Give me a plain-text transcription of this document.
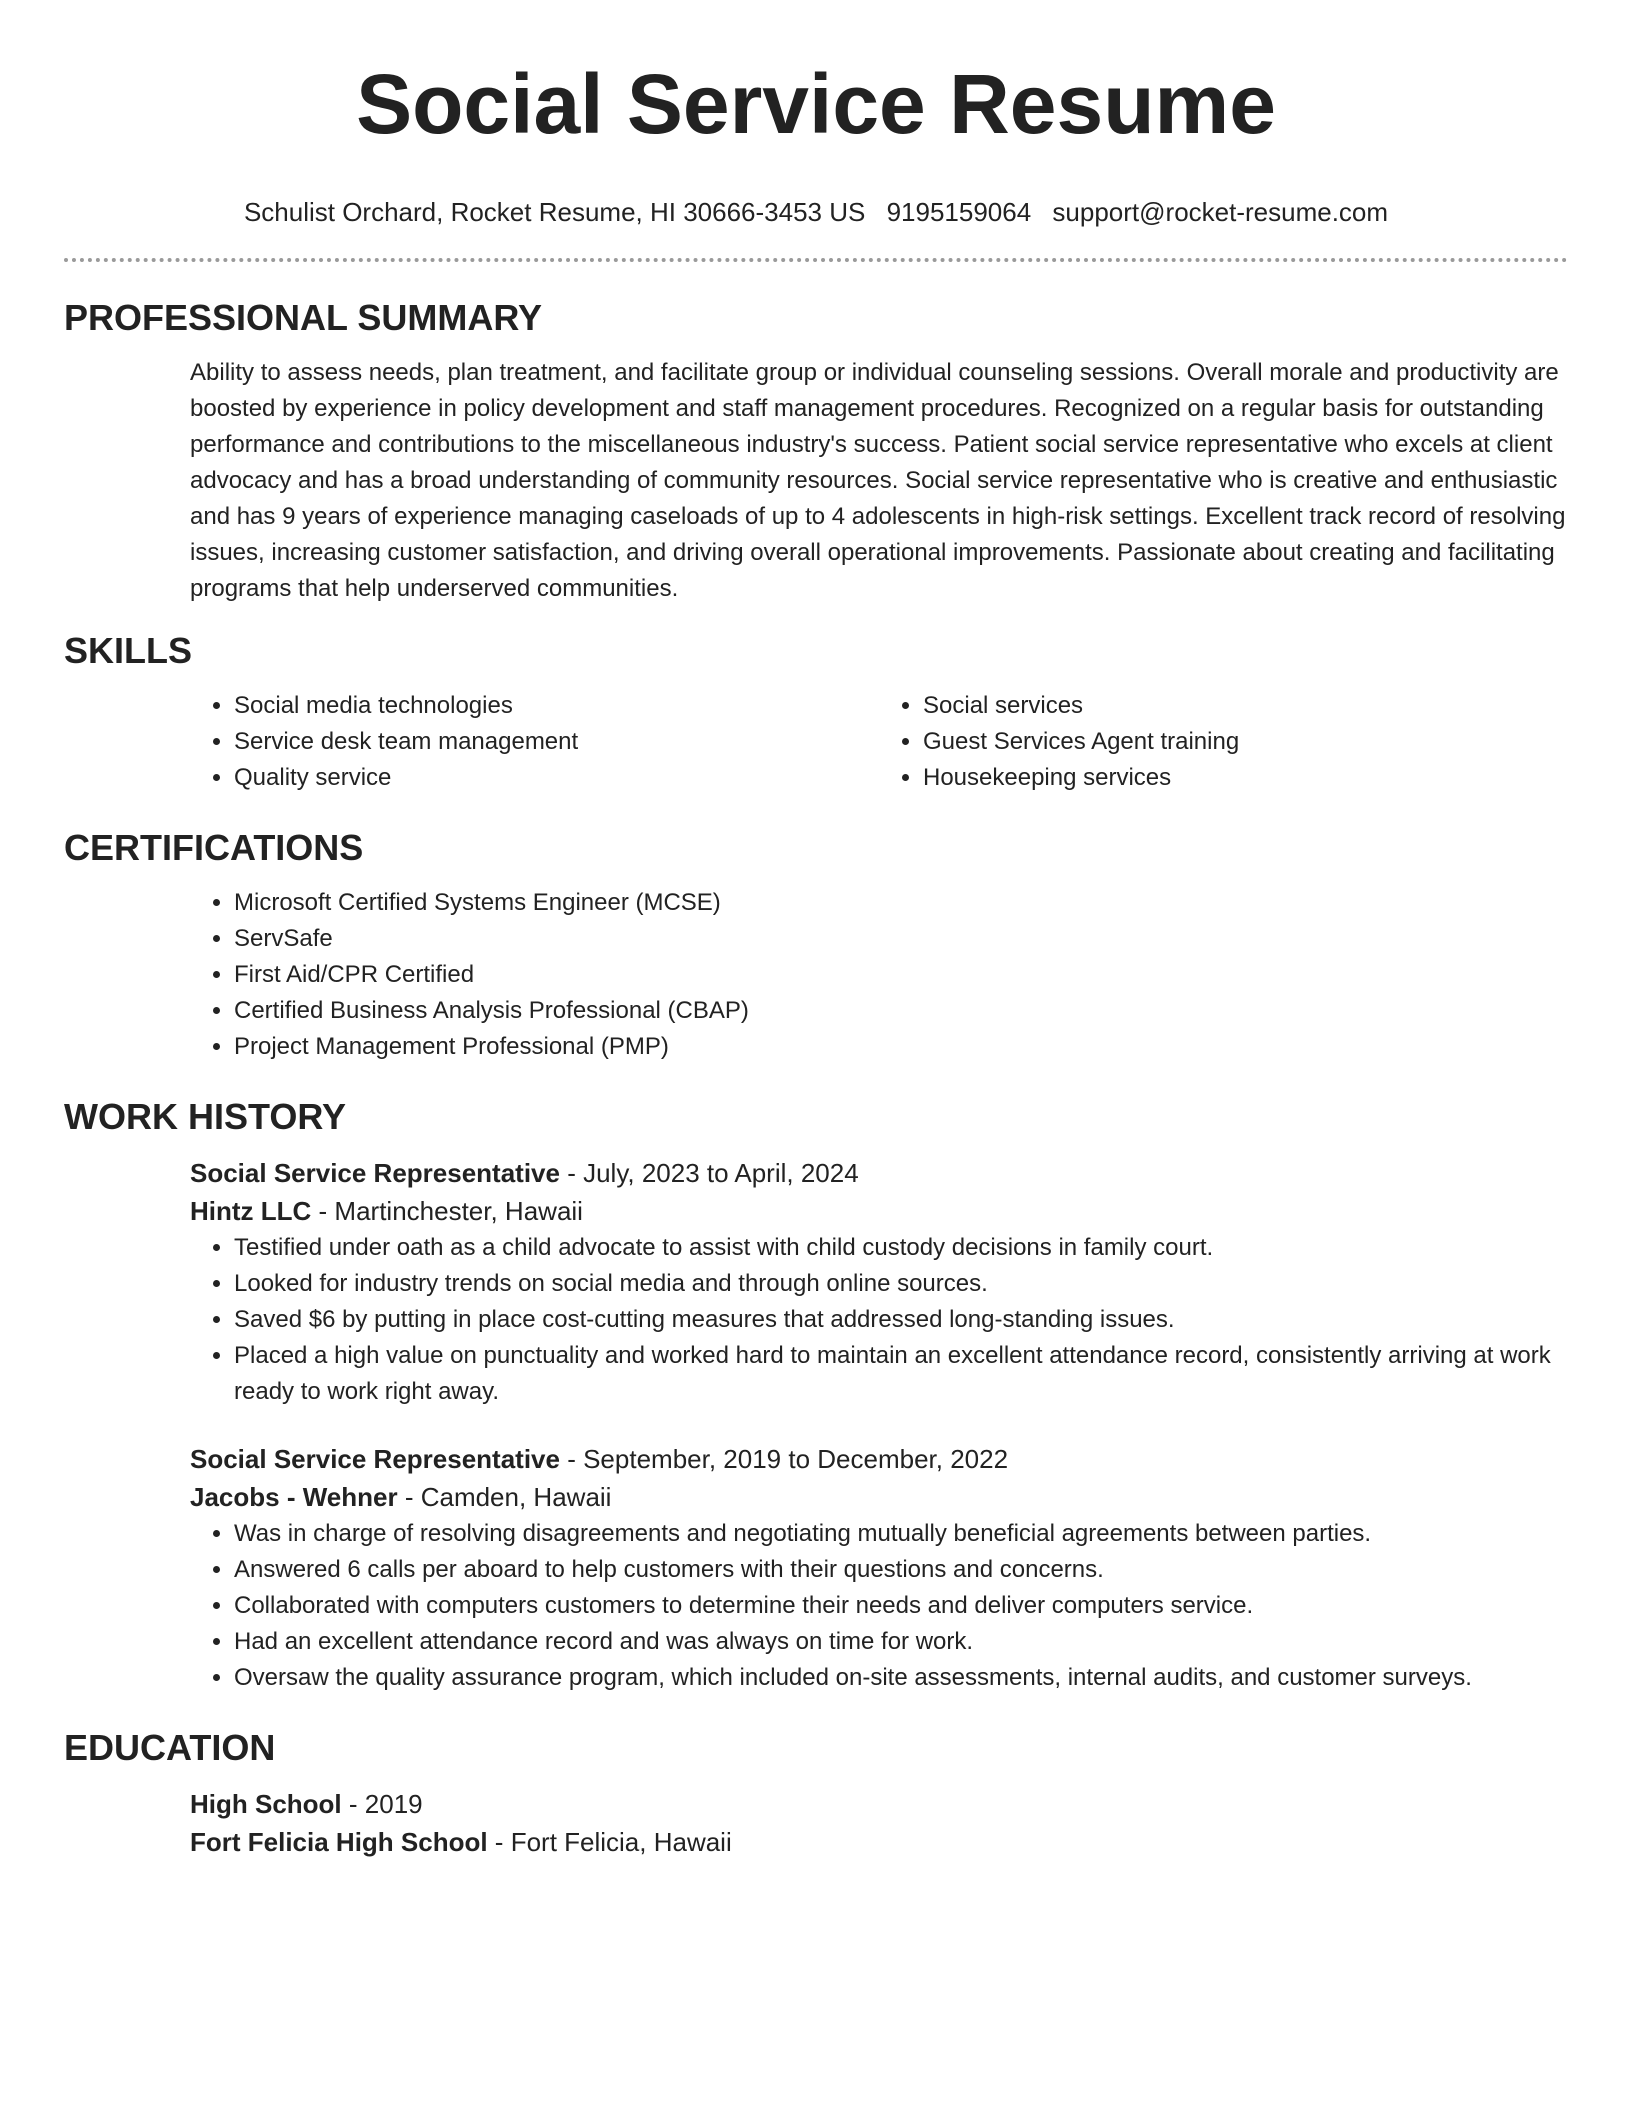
Social Service Resume
Schulist Orchard, Rocket Resume, HI 30666-3453 US 9195159064 support@rocket-resume.com
PROFESSIONAL SUMMARY

Ability to assess needs, plan treatment, and facilitate group or individual counseling sessions. Overall morale and productivity are boosted by experience in policy development and staff management procedures. Recognized on a regular basis for outstanding performance and contributions to the miscellaneous industry's success. Patient social service representative who excels at client advocacy and has a broad understanding of community resources. Social service representative who is creative and enthusiastic and has 9 years of experience managing caseloads of up to 4 adolescents in high-risk settings. Excellent track record of resolving issues, increasing customer satisfaction, and driving overall operational improvements. Passionate about creating and facilitating programs that help underserved communities.

SKILLS
• Social media technologies
• Service desk team management
• Quality service
• Social services
• Guest Services Agent training
• Housekeeping services
CERTIFICATIONS
• Microsoft Certified Systems Engineer (MCSE)
• ServSafe
• First Aid/CPR Certified
• Certified Business Analysis Professional (CBAP)
• Project Management Professional (PMP)
WORK HISTORY
Social Service Representative - July, 2023 to April, 2024
Hintz LLC - Martinchester, Hawaii
• Testified under oath as a child advocate to assist with child custody decisions in family court.
• Looked for industry trends on social media and through online sources.
• Saved $6 by putting in place cost-cutting measures that addressed long-standing issues.
• Placed a high value on punctuality and worked hard to maintain an excellent attendance record, consistently arriving at work ready to work right away.
Social Service Representative - September, 2019 to December, 2022
Jacobs - Wehner - Camden, Hawaii
• Was in charge of resolving disagreements and negotiating mutually beneficial agreements between parties.
• Answered 6 calls per aboard to help customers with their questions and concerns.
• Collaborated with computers customers to determine their needs and deliver computers service.
• Had an excellent attendance record and was always on time for work.
• Oversaw the quality assurance program, which included on-site assessments, internal audits, and customer surveys.
EDUCATION
High School - 2019
Fort Felicia High School - Fort Felicia, Hawaii
